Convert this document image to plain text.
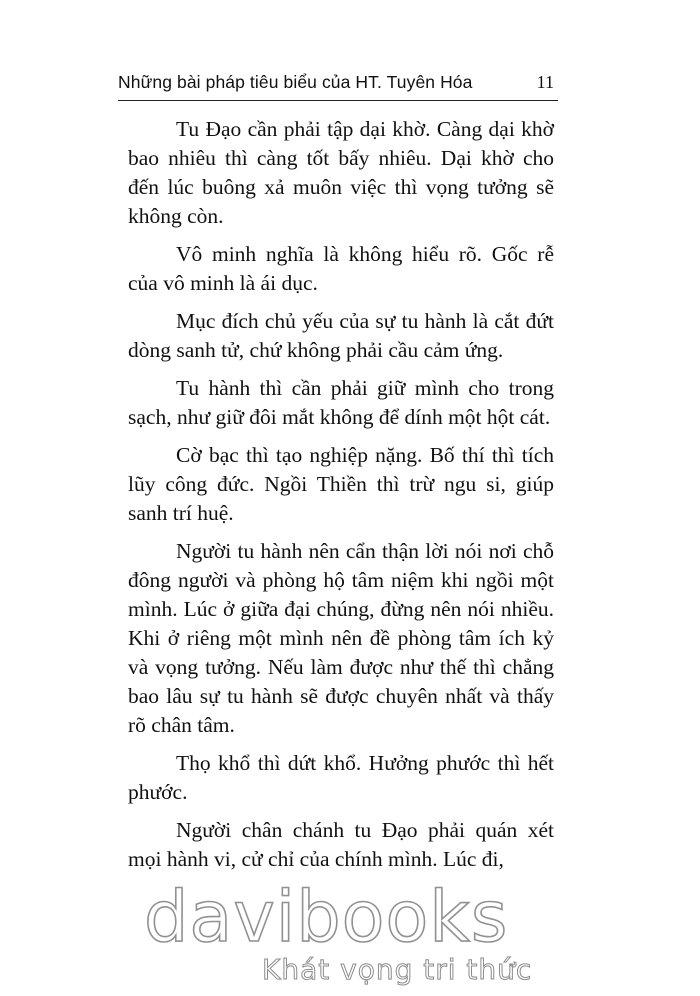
Những bài pháp tiêu biểu của HT. Tuyên Hóa	11

Tu Đạo cần phải tập dại khờ. Càng dại khờ bao nhiêu thì càng tốt bấy nhiêu. Dại khờ cho đến lúc buông xả muôn việc thì vọng tưởng sẽ không còn.

Vô minh nghĩa là không hiểu rõ. Gốc rễ của vô minh là ái dục.

Mục đích chủ yếu của sự tu hành là cắt đứt dòng sanh tử, chứ không phải cầu cảm ứng.

Tu hành thì cần phải giữ mình cho trong sạch, như giữ đôi mắt không để dính một hột cát.

Cờ bạc thì tạo nghiệp nặng. Bố thí thì tích lũy công đức. Ngồi Thiền thì trừ ngu si, giúp sanh trí huệ.

Người tu hành nên cẩn thận lời nói nơi chỗ đông người và phòng hộ tâm niệm khi ngồi một mình. Lúc ở giữa đại chúng, đừng nên nói nhiều. Khi ở riêng một mình nên đề phòng tâm ích kỷ và vọng tưởng. Nếu làm được như thế thì chẳng bao lâu sự tu hành sẽ được chuyên nhất và thấy rõ chân tâm.

Thọ khổ thì dứt khổ. Hưởng phước thì hết phước.

Người chân chánh tu Đạo phải quán xét mọi hành vi, cử chỉ của chính mình. Lúc đi,

davibooks
Khát vọng tri thức
